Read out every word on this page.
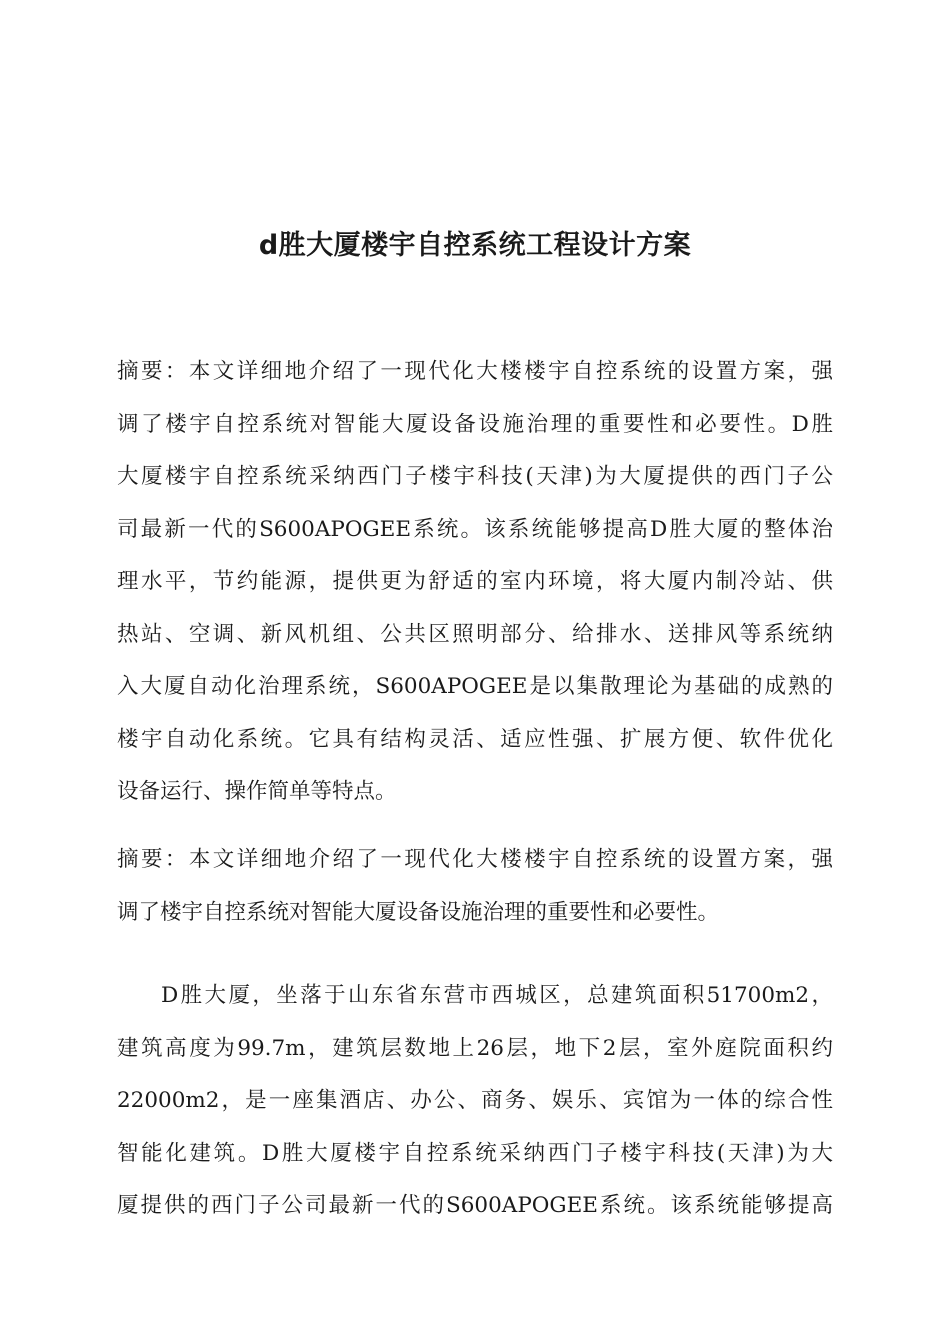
d胜大厦楼宇自控系统工程设计方案
摘要：本文详细地介绍了一现代化大楼楼宇自控系统的设置方案，强
调了楼宇自控系统对智能大厦设备设施治理的重要性和必要性。D胜
大厦楼宇自控系统采纳西门子楼宇科技(天津)为大厦提供的西门子公
司最新一代的S600APOGEE系统。该系统能够提高D胜大厦的整体治
理水平，节约能源，提供更为舒适的室内环境，将大厦内制冷站、供
热站、空调、新风机组、公共区照明部分、给排水、送排风等系统纳
入大厦自动化治理系统，S600APOGEE是以集散理论为基础的成熟的
楼宇自动化系统。它具有结构灵活、适应性强、扩展方便、软件优化
设备运行、操作简单等特点。
摘要：本文详细地介绍了一现代化大楼楼宇自控系统的设置方案，强
调了楼宇自控系统对智能大厦设备设施治理的重要性和必要性。
D胜大厦，坐落于山东省东营市西城区，总建筑面积51700m2，
建筑高度为99.7m，建筑层数地上26层，地下2层，室外庭院面积约
22000m2，是一座集酒店、办公、商务、娱乐、宾馆为一体的综合性
智能化建筑。D胜大厦楼宇自控系统采纳西门子楼宇科技(天津)为大
厦提供的西门子公司最新一代的S600APOGEE系统。该系统能够提高
